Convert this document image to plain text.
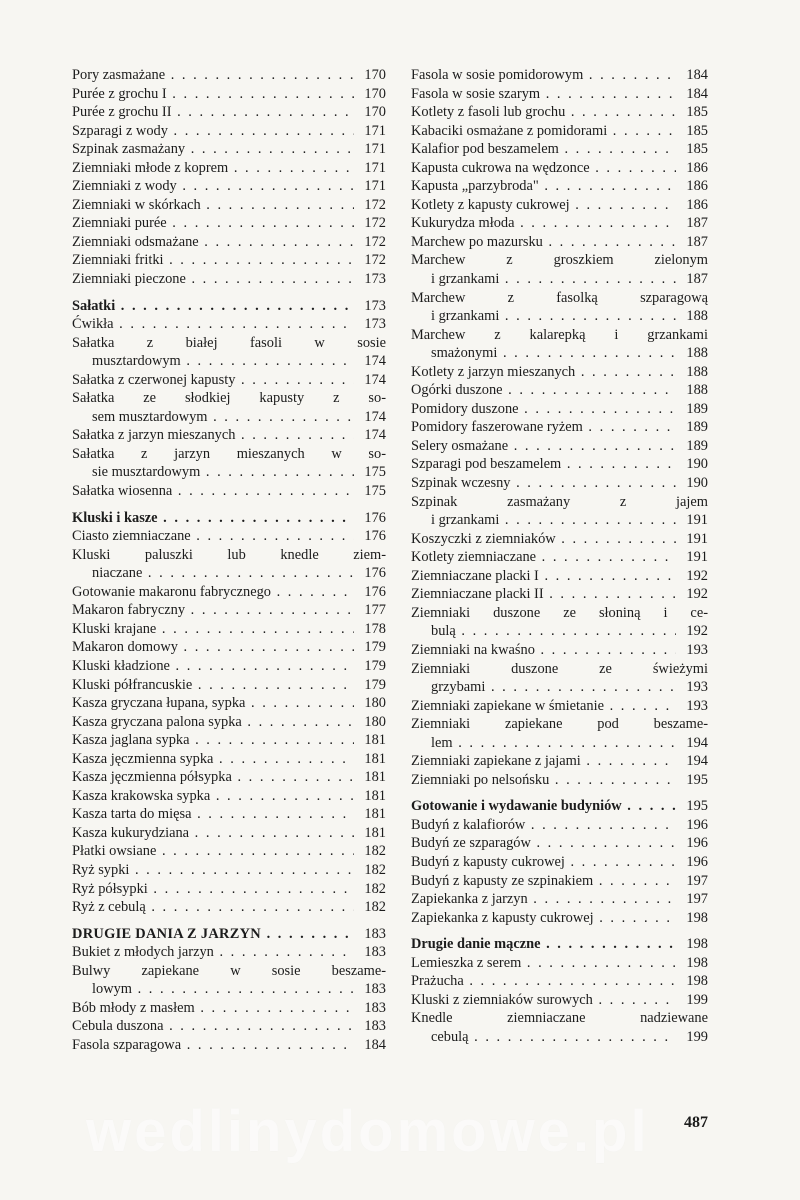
Pory zasmażane . . .	170
Purée z grochu I . . .	170
Purée z grochu II . . .	170
Szparagi z wody . . .	171
Szpinak zasmażany . . .	171
Ziemniaki młode z koprem . . .	171
Ziemniaki z wody . . .	171
Ziemniaki w skórkach . . .	172
Ziemniaki purée . . .	172
Ziemniaki odsmażane . . .	172
Ziemniaki fritki . . .	172
Ziemniaki pieczone . . .	173
Sałatki . . .	173
Ćwikła . . .	173
Sałatka z białej fasoli w sosie
musztardowym . . .	174
Sałatka z czerwonej kapusty . . .	174
Sałatka ze słodkiej kapusty z so-
sem musztardowym . . .	174
Sałatka z jarzyn mieszanych . . .	174
Sałatka z jarzyn mieszanych w so-
sie musztardowym . . .	175
Sałatka wiosenna . . .	175
Kluski i kasze . . .	176
Ciasto ziemniaczane . . .	176
Kluski paluszki lub knedle ziem-
niaczane . . .	176
Gotowanie makaronu fabrycznego . . .	176
Makaron fabryczny . . .	177
Kluski krajane . . .	178
Makaron domowy . . .	179
Kluski kładzione . . .	179
Kluski półfrancuskie . . .	179
Kasza gryczana łupana, sypka . . .	180
Kasza gryczana palona sypka . . .	180
Kasza jaglana sypka . . .	181
Kasza jęczmienna sypka . . .	181
Kasza jęczmienna półsypka . . .	181
Kasza krakowska sypka . . .	181
Kasza tarta do mięsa . . .	181
Kasza kukurydziana . . .	181
Płatki owsiane . . .	182
Ryż sypki . . .	182
Ryż półsypki . . .	182
Ryż z cebulą . . .	182
DRUGIE DANIA Z JARZYN . . .	183
Bukiet z młodych jarzyn . . .	183
Bulwy zapiekane w sosie beszame-
lowym . . .	183
Bób młody z masłem . . .	183
Cebula duszona . . .	183
Fasola szparagowa . . .	184
Fasola w sosie pomidorowym . . .	184
Fasola w sosie szarym . . .	184
Kotlety z fasoli lub grochu . . .	185
Kabaciki osmażane z pomidorami . . .	185
Kalafior pod beszamelem . . .	185
Kapusta cukrowa na wędzonce . . .	186
Kapusta „parzybroda" . . .	186
Kotlety z kapusty cukrowej . . .	186
Kukurydza młoda . . .	187
Marchew po mazursku . . .	187
Marchew z groszkiem zielonym
i grzankami . . .	187
Marchew z fasolką szparagową
i grzankami . . .	188
Marchew z kalarepką i grzankami
smażonymi . . .	188
Kotlety z jarzyn mieszanych . . .	188
Ogórki duszone . . .	188
Pomidory duszone . . .	189
Pomidory faszerowane ryżem . . .	189
Selery osmażane . . .	189
Szparagi pod beszamelem . . .	190
Szpinak wczesny . . .	190
Szpinak zasmażany z jajem
i grzankami . . .	191
Koszyczki z ziemniaków . . .	191
Kotlety ziemniaczane . . .	191
Ziemniaczane placki I . . .	192
Ziemniaczane placki II . . .	192
Ziemniaki duszone ze słoniną i ce-
bulą . . .	192
Ziemniaki na kwaśno . . .	193
Ziemniaki duszone ze świeżymi
grzybami . . .	193
Ziemniaki zapiekane w śmietanie . . .	193
Ziemniaki zapiekane pod beszame-
lem . . .	194
Ziemniaki zapiekane z jajami . . .	194
Ziemniaki po nelsońsku . . .	195
Gotowanie i wydawanie budyniów . . .	195
Budyń z kalafiorów . . .	196
Budyń ze szparagów . . .	196
Budyń z kapusty cukrowej . . .	196
Budyń z kapusty ze szpinakiem . . .	197
Zapiekanka z jarzyn . . .	197
Zapiekanka z kapusty cukrowej . . .	198
Drugie danie mączne . . .	198
Lemieszka z serem . . .	198
Prażucha . . .	198
Kluski z ziemniaków surowych . . .	199
Knedle ziemniaczane nadziewane
cebulą . . .	199
487
wedlinydomowe.pl
